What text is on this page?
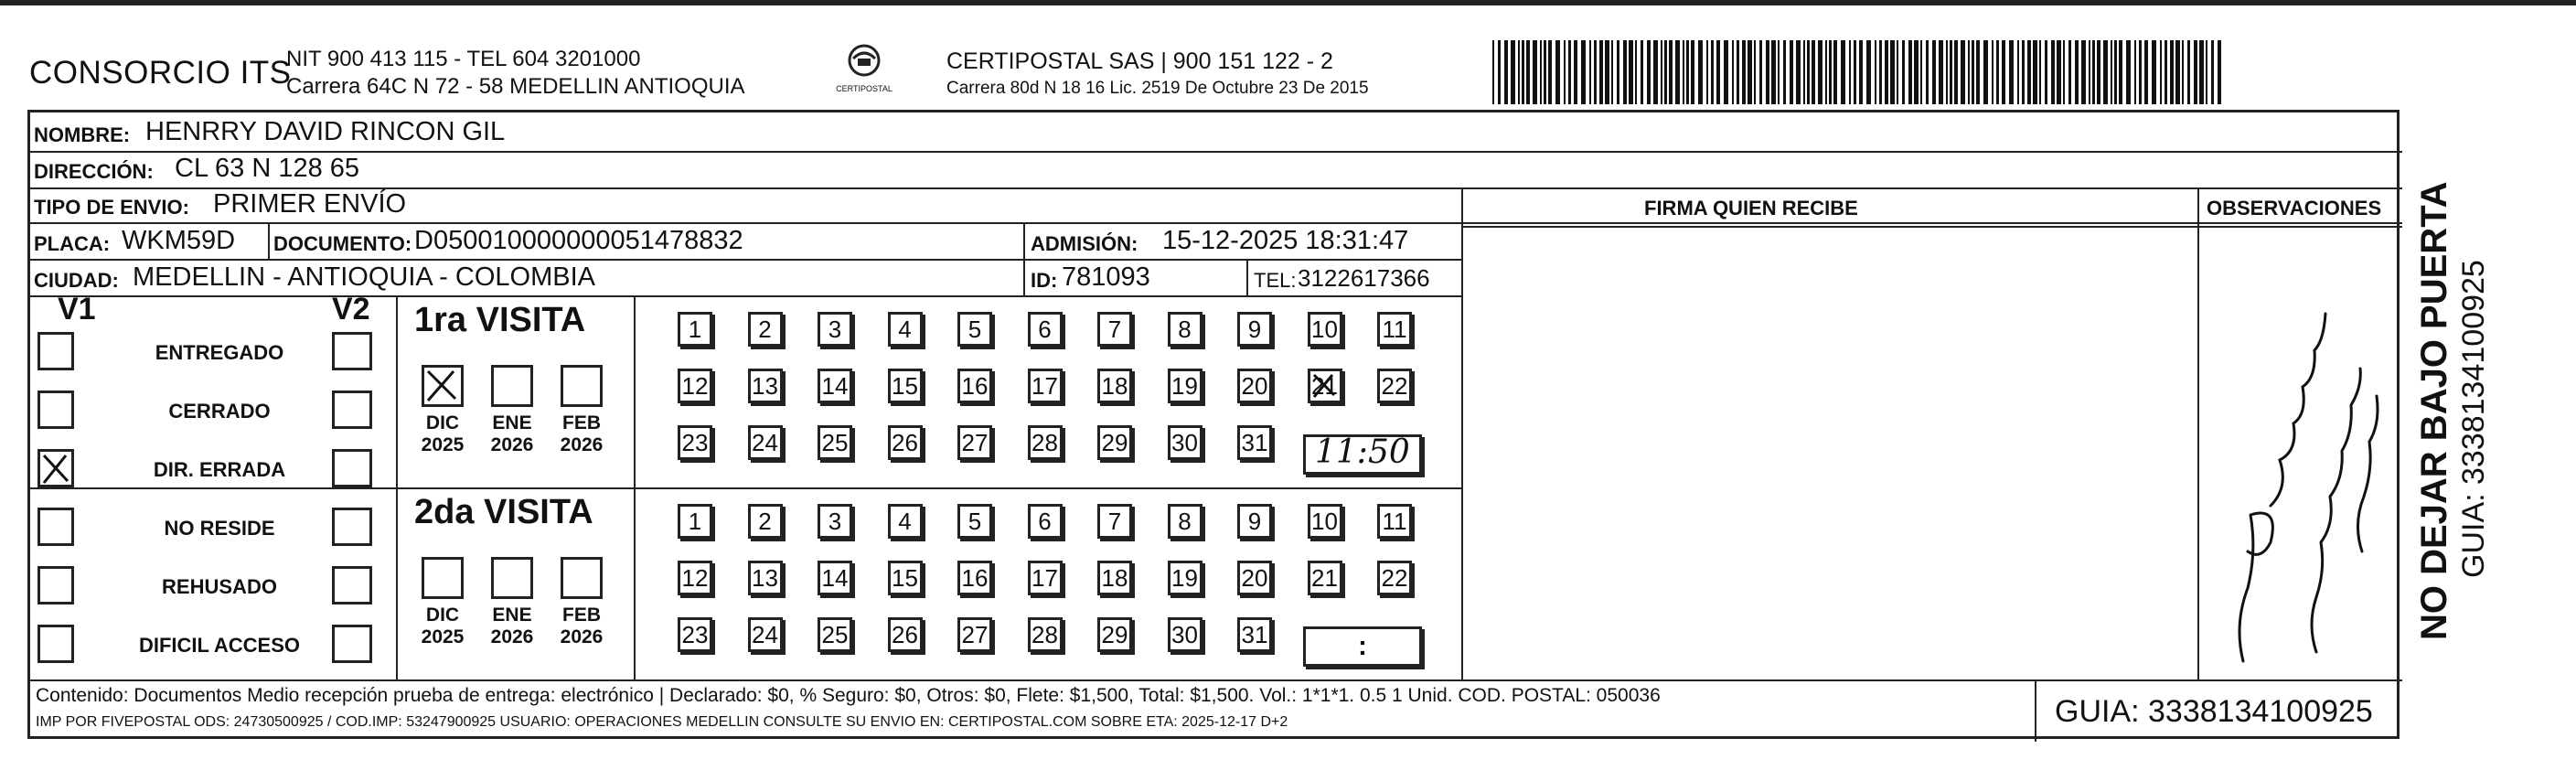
CONSORCIO ITS
NIT 900 413 115 - TEL 604 3201000
Carrera 64C N 72 - 58 MEDELLIN ANTIOQUIA	CERTIPOSTAL
CERTIPOSTAL SAS | 900 151 122 - 2
Carrera 80d N 18 16 Lic. 2519 De Octubre 23 De 2015
NOMBRE: HENRRY DAVID RINCON GIL
DIRECCIÓN: CL 63 N 128 65
TIPO DE ENVIO: PRIMER ENVÍO	FIRMA QUIEN RECIBE	OBSERVACIONES
PLACA: WKM59D DOCUMENTO: D050010000000051478832	ADMISIÓN: 15-12-2025 18:31:47
CIUDAD: MEDELLIN - ANTIOQUIA - COLOMBIA	ID: 781093	TEL: 3122617366
V1	V2
ENTREGADO
CERRADO
DIR. ERRADA
NO RESIDE
REHUSADO
DIFICIL ACCESO
1ra VISITA
2da VISITA
DIC
2025
ENE
2026
FEB
2026
DIC
2025
ENE
2026
FEB
2026
1	2	3	4	5	6	7	8	9	10 11
12 13 14 15 16 17 18 19 20 21 22
23 24 25 26 27 28 29 30 31
1	2	3	4	5	6	7	8	9	10 11
12 13 14 15 16 17 18 19 20 21 22
23 24 25 26 27 28 29 30 31
11:50
:
Contenido: Documentos Medio recepción prueba de entrega: electrónico | Declarado: $0, % Seguro: $0, Otros: $0, Flete: $1,500, Total: $1,500. Vol.: 1*1*1. 0.5 1 Unid. COD. POSTAL: 050036
IMP POR FIVEPOSTAL ODS: 24730500925 / COD.IMP: 53247900925 USUARIO: OPERACIONES MEDELLIN CONSULTE SU ENVIO EN: CERTIPOSTAL.COM SOBRE ETA: 2025-12-17 D+2	GUIA: 3338134100925
NO DEJAR BAJO PUERTA GUIA: 3338134100925
